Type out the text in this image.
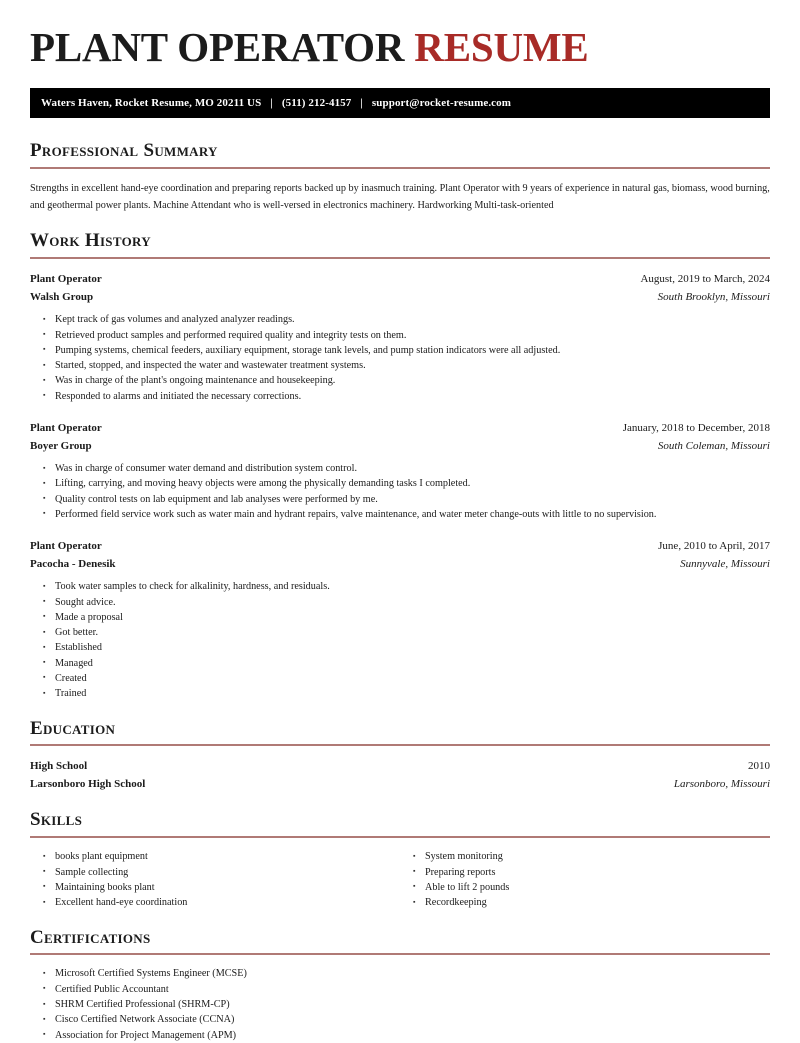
PLANT OPERATOR RESUME
Waters Haven, Rocket Resume, MO 20211 US | (511) 212-4157 | support@rocket-resume.com
Professional Summary

Strengths in excellent hand-eye coordination and preparing reports backed up by inasmuch training. Plant Operator with 9 years of experience in natural gas, biomass, wood burning, and geothermal power plants. Machine Attendant who is well-versed in electronics machinery. Hardworking Multi-task-oriented

Work History
Plant Operator	August, 2019 to March, 2024
Walsh Group	South Brooklyn, Missouri
▪ Kept track of gas volumes and analyzed analyzer readings.
▪ Retrieved product samples and performed required quality and integrity tests on them.
▪ Pumping systems, chemical feeders, auxiliary equipment, storage tank levels, and pump station indicators were all adjusted.
▪ Started, stopped, and inspected the water and wastewater treatment systems.
▪ Was in charge of the plant's ongoing maintenance and housekeeping.
▪ Responded to alarms and initiated the necessary corrections.
Plant Operator	January, 2018 to December, 2018
Boyer Group	South Coleman, Missouri
▪ Was in charge of consumer water demand and distribution system control.
▪ Lifting, carrying, and moving heavy objects were among the physically demanding tasks I completed.
▪ Quality control tests on lab equipment and lab analyses were performed by me.
▪ Performed field service work such as water main and hydrant repairs, valve maintenance, and water meter change-outs with little to no supervision.
Plant Operator	June, 2010 to April, 2017
Pacocha - Denesik	Sunnyvale, Missouri
▪ Took water samples to check for alkalinity, hardness, and residuals.
▪ Sought advice.
▪ Made a proposal
▪ Got better.
▪ Established
▪ Managed
▪ Created
▪ Trained
Education
High School	2010
Larsonboro High School	Larsonboro, Missouri
Skills
▪ books plant equipment
▪ Sample collecting
▪ Maintaining books plant
▪ Excellent hand-eye coordination
▪ System monitoring
▪ Preparing reports
▪ Able to lift 2 pounds
▪ Recordkeeping
Certifications
▪ Microsoft Certified Systems Engineer (MCSE)
▪ Certified Public Accountant
▪ SHRM Certified Professional (SHRM-CP)
▪ Cisco Certified Network Associate (CCNA)
▪ Association for Project Management (APM)
